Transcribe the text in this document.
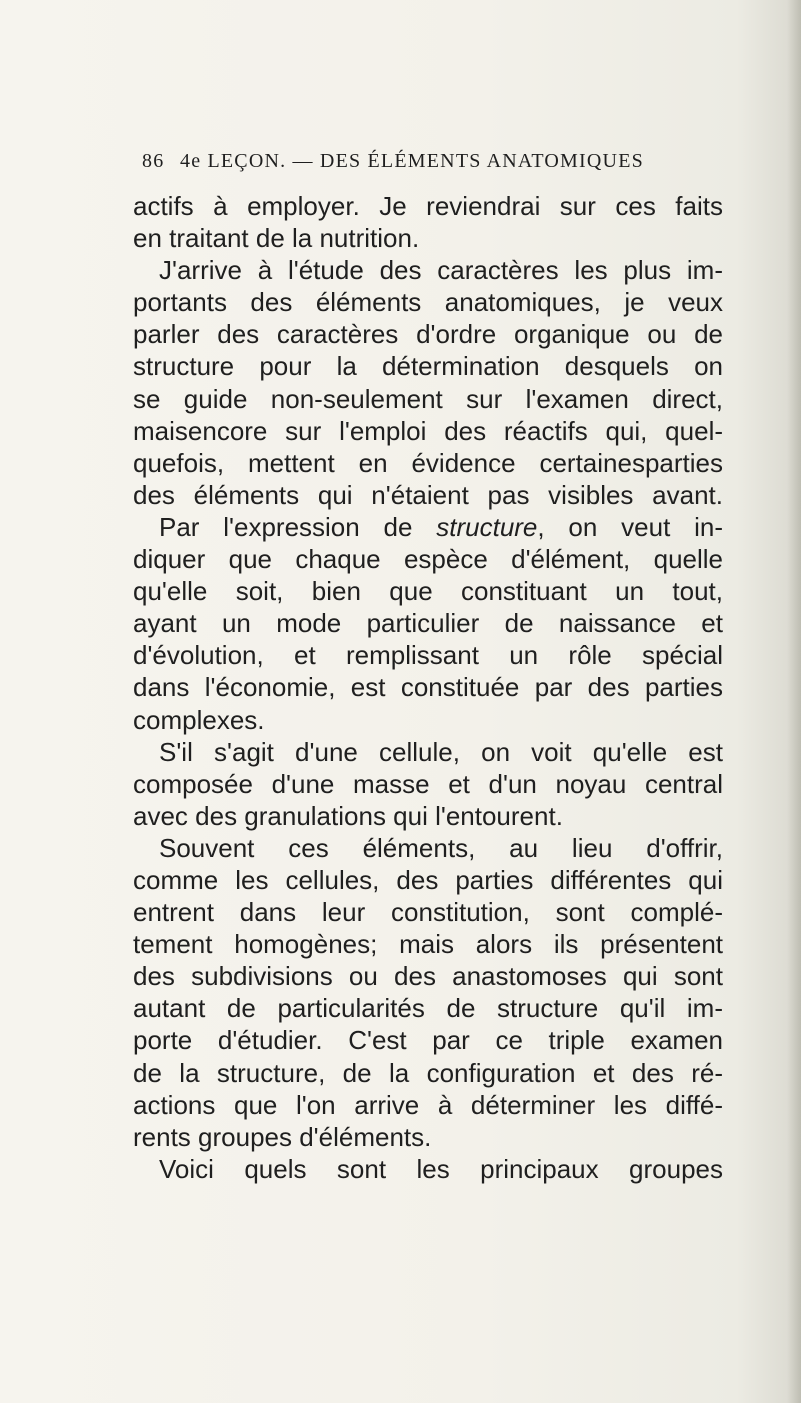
86 4e LEÇON. — DES ÉLÉMENTS ANATOMIQUES
actifs à employer. Je reviendrai sur ces faits
en traitant de la nutrition.
J'arrive à l'étude des caractères les plus im-
portants des éléments anatomiques, je veux
parler des caractères d'ordre organique ou de
structure pour la détermination desquels on
se guide non-seulement sur l'examen direct,
maisencore sur l'emploi des réactifs qui, quel-
quefois, mettent en évidence certainesparties
des éléments qui n'étaient pas visibles avant.
Par l'expression de structure, on veut in-
diquer que chaque espèce d'élément, quelle
qu'elle soit, bien que constituant un tout,
ayant un mode particulier de naissance et
d'évolution, et remplissant un rôle spécial
dans l'économie, est constituée par des parties
complexes.
S'il s'agit d'une cellule, on voit qu'elle est
composée d'une masse et d'un noyau central
avec des granulations qui l'entourent.
Souvent ces éléments, au lieu d'offrir,
comme les cellules, des parties différentes qui
entrent dans leur constitution, sont complé-
tement homogènes; mais alors ils présentent
des subdivisions ou des anastomoses qui sont
autant de particularités de structure qu'il im-
porte d'étudier. C'est par ce triple examen
de la structure, de la configuration et des ré-
actions que l'on arrive à déterminer les diffé-
rents groupes d'éléments.
Voici quels sont les principaux groupes
